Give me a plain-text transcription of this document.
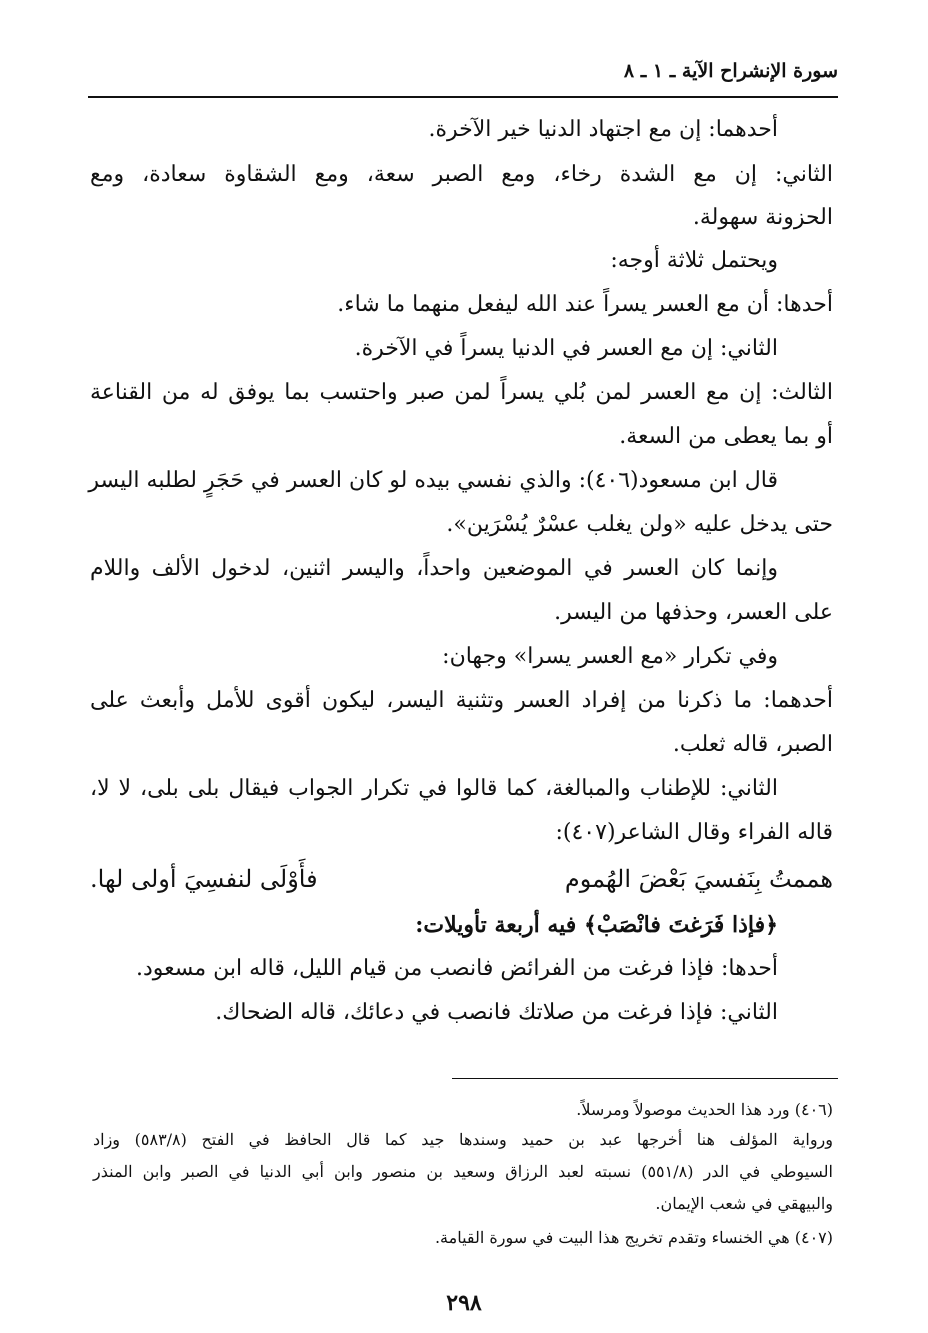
سورة الإنشراح الآية ـ ١ ـ ٨
أحدهما: إن مع اجتهاد الدنيا خير الآخرة.
الثاني: إن مع الشدة رخاء، ومع الصبر سعة، ومع الشقاوة سعادة، ومع
الحزونة سهولة.
ويحتمل ثلاثة أوجه:
أحدها: أن مع العسر يسراً عند الله ليفعل منهما ما شاء.
الثاني: إن مع العسر في الدنيا يسراً في الآخرة.
الثالث: إن مع العسر لمن بُلي يسراً لمن صبر واحتسب بما يوفق له من القناعة
أو بما يعطى من السعة.
قال ابن مسعود(٤٠٦): والذي نفسي بيده لو كان العسر في حَجَرٍ لطلبه اليسر
حتى يدخل عليه «ولن يغلب عسْرٌ يُسْرَين».
وإنما كان العسر في الموضعين واحداً، واليسر اثنين، لدخول الألف واللام
على العسر، وحذفها من اليسر.
وفي تكرار «مع العسر يسرا» وجهان:
أحدهما: ما ذكرنا من إفراد العسر وتثنية اليسر، ليكون أقوى للأمل وأبعث على
الصبر، قاله ثعلب.
الثاني: للإطناب والمبالغة، كما قالوا في تكرار الجواب فيقال بلى بلى، لا لا،
قاله الفراء وقال الشاعر(٤٠٧):
هممتُ بِنَفسيَ بَعْضَ الهُموم
فأَوْلَى لنفسِيَ أولى لها.
﴿فإذا فَرَغتَ فانْصَبْ﴾ فيه أربعة تأويلات:
أحدها: فإذا فرغت من الفرائض فانصب من قيام الليل، قاله ابن مسعود.
الثاني: فإذا فرغت من صلاتك فانصب في دعائك، قاله الضحاك.
(٤٠٦) ورد هذا الحديث موصولاً ومرسلاً.
ورواية المؤلف هنا أخرجها عبد بن حميد وسندها جيد كما قال الحافظ في الفتح (٥٨٣/٨) وزاد
السيوطي في الدر (٥٥١/٨) نسبته لعبد الرزاق وسعيد بن منصور وابن أبي الدنيا في الصبر وابن المنذر
والبيهقي في شعب الإيمان.
(٤٠٧) هي الخنساء وتقدم تخريج هذا البيت في سورة القيامة.
٢٩٨
